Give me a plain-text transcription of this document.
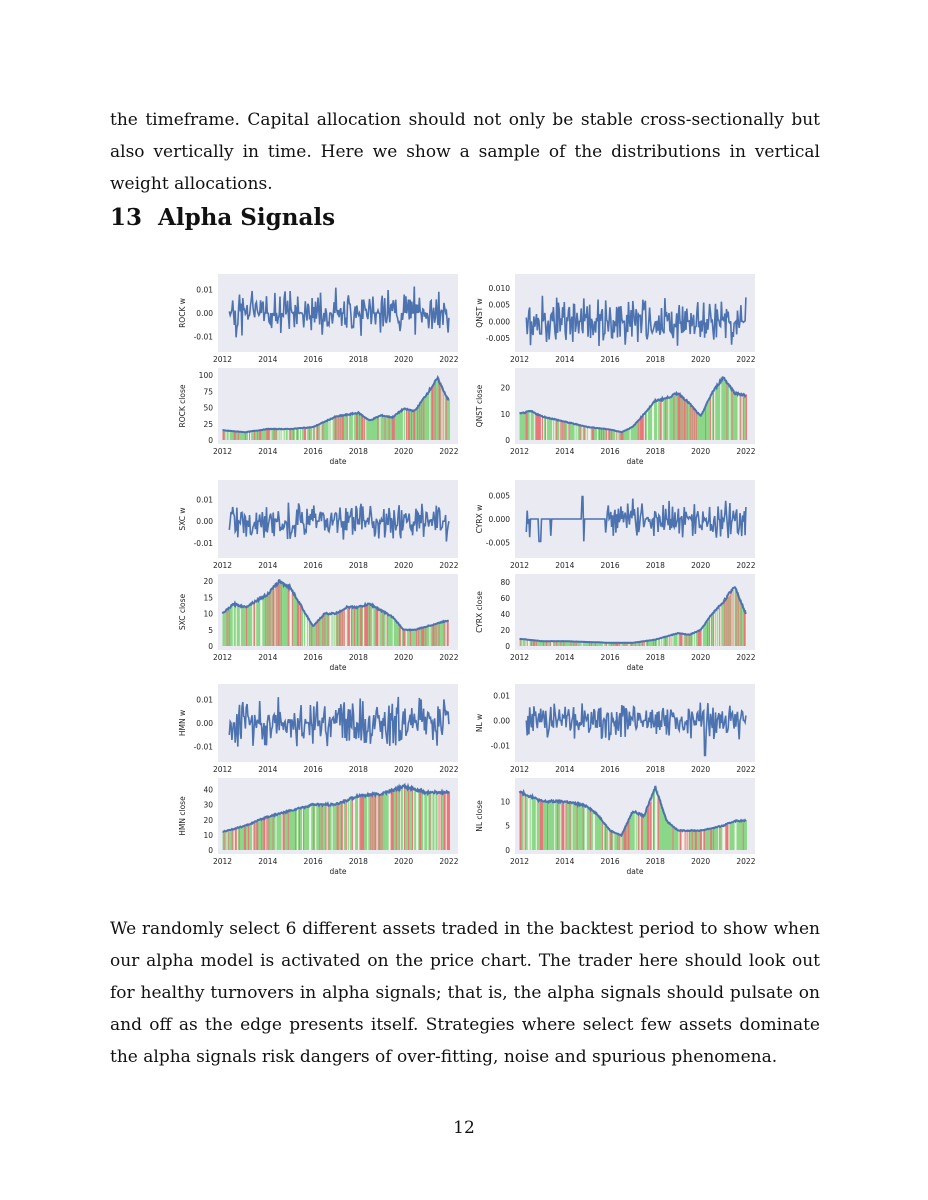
the timeframe. Capital allocation should not only be stable cross-sectionally but also vertically in time. Here we show a sample of the distributions in vertical weight allocations.

13 Alpha Signals
2012	2014	2016	2018	2020	2022
0.01
0.00
-0.01
ROCK w
2012	2014	2016	2018	2020	2022
0.010
0.005
0.000
-0.005
QNST w
2012	2014	2016	2018	2020	2022
100
75
50
25
0
ROCK close
date
2012	2014	2016	2018	2020	2022
20
10
0
QNST close
date
2012	2014	2016	2018	2020	2022
0.01
0.00
-0.01
SXC w
2012	2014	2016	2018	2020	2022
0.005
0.000
-0.005
CYRX w
2012	2014	2016	2018	2020	2022
20
15
10
5
0
SXC close
date
2012	2014	2016	2018	2020	2022
80
60
40
20
0
CYRX close
date
2012	2014	2016	2018	2020	2022
0.01
0.00
-0.01
HMN w
2012	2014	2016	2018	2020	2022
0.01
0.00
-0.01
NL w
2012	2014	2016	2018	2020	2022
40
30
20
10
0
HMN close
date
2012	2014	2016	2018	2020	2022
10
5
0
NL close
date

We randomly select 6 different assets traded in the backtest period to show when our alpha model is activated on the price chart. The trader here should look out for healthy turnovers in alpha signals; that is, the alpha signals should pulsate on and off as the edge presents itself. Strategies where select few assets dominate the alpha signals risk dangers of over-fitting, noise and spurious phenomena.

12
